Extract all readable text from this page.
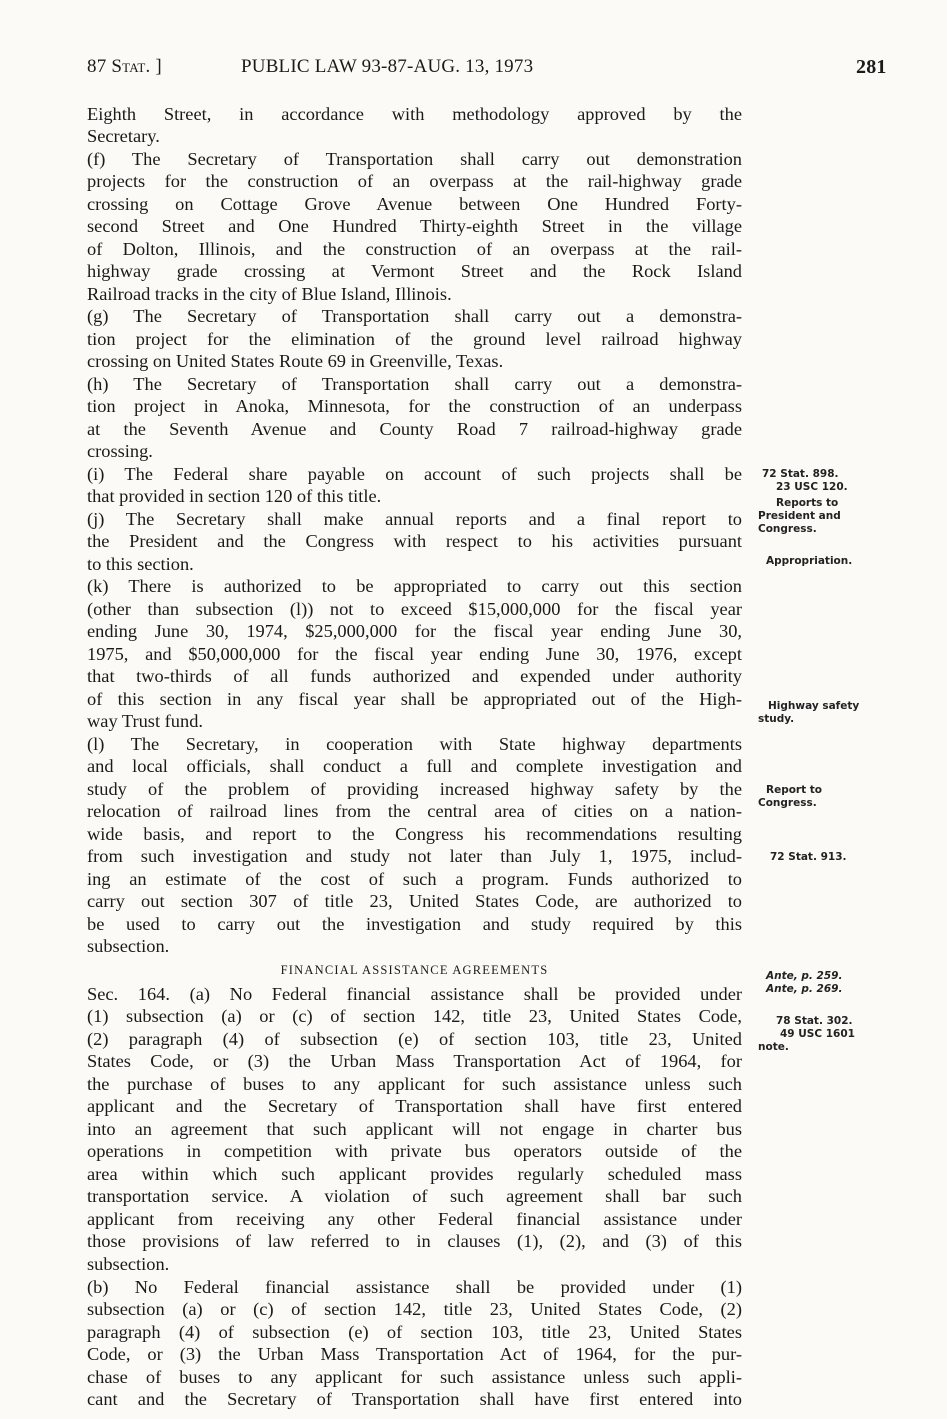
87 Stat. ]	PUBLIC LAW 93-87-AUG. 13, 1973	281
Eighth Street, in accordance with methodology approved by the
Secretary.
(f) The Secretary of Transportation shall carry out demonstration
projects for the construction of an overpass at the rail-highway grade
crossing on Cottage Grove Avenue between One Hundred Forty-
second Street and One Hundred Thirty-eighth Street in the village
of Dolton, Illinois, and the construction of an overpass at the rail-
highway grade crossing at Vermont Street and the Rock Island
Railroad tracks in the city of Blue Island, Illinois.
(g) The Secretary of Transportation shall carry out a demonstra-
tion project for the elimination of the ground level railroad highway
crossing on United States Route 69 in Greenville, Texas.
(h) The Secretary of Transportation shall carry out a demonstra-
tion project in Anoka, Minnesota, for the construction of an underpass
at the Seventh Avenue and County Road 7 railroad-highway grade
crossing.
(i) The Federal share payable on account of such projects shall be
that provided in section 120 of this title.
(j) The Secretary shall make annual reports and a final report to
the President and the Congress with respect to his activities pursuant
to this section.
(k) There is authorized to be appropriated to carry out this section
(other than subsection (l)) not to exceed $15,000,000 for the fiscal year
ending June 30, 1974, $25,000,000 for the fiscal year ending June 30,
1975, and $50,000,000 for the fiscal year ending June 30, 1976, except
that two-thirds of all funds authorized and expended under authority
of this section in any fiscal year shall be appropriated out of the High-
way Trust fund.
(l) The Secretary, in cooperation with State highway departments
and local officials, shall conduct a full and complete investigation and
study of the problem of providing increased highway safety by the
relocation of railroad lines from the central area of cities on a nation-
wide basis, and report to the Congress his recommendations resulting
from such investigation and study not later than July 1, 1975, includ-
ing an estimate of the cost of such a program. Funds authorized to
carry out section 307 of title 23, United States Code, are authorized to
be used to carry out the investigation and study required by this
subsection.
FINANCIAL ASSISTANCE AGREEMENTS
Sec. 164. (a) No Federal financial assistance shall be provided under
(1) subsection (a) or (c) of section 142, title 23, United States Code,
(2) paragraph (4) of subsection (e) of section 103, title 23, United
States Code, or (3) the Urban Mass Transportation Act of 1964, for
the purchase of buses to any applicant for such assistance unless such
applicant and the Secretary of Transportation shall have first entered
into an agreement that such applicant will not engage in charter bus
operations in competition with private bus operators outside of the
area within which such applicant provides regularly scheduled mass
transportation service. A violation of such agreement shall bar such
applicant from receiving any other Federal financial assistance under
those provisions of law referred to in clauses (1), (2), and (3) of this
subsection.
(b) No Federal financial assistance shall be provided under (1)
subsection (a) or (c) of section 142, title 23, United States Code, (2)
paragraph (4) of subsection (e) of section 103, title 23, United States
Code, or (3) the Urban Mass Transportation Act of 1964, for the pur-
chase of buses to any applicant for such assistance unless such appli-
cant and the Secretary of Transportation shall have first entered into
72 Stat. 898.
23 USC 120.
Reports to
President and
Congress.
Appropriation.
Highway safety
study.
Report to
Congress.
72 Stat. 913.
Ante, p. 259.
Ante, p. 269.
78 Stat. 302.
49 USC 1601
note.
